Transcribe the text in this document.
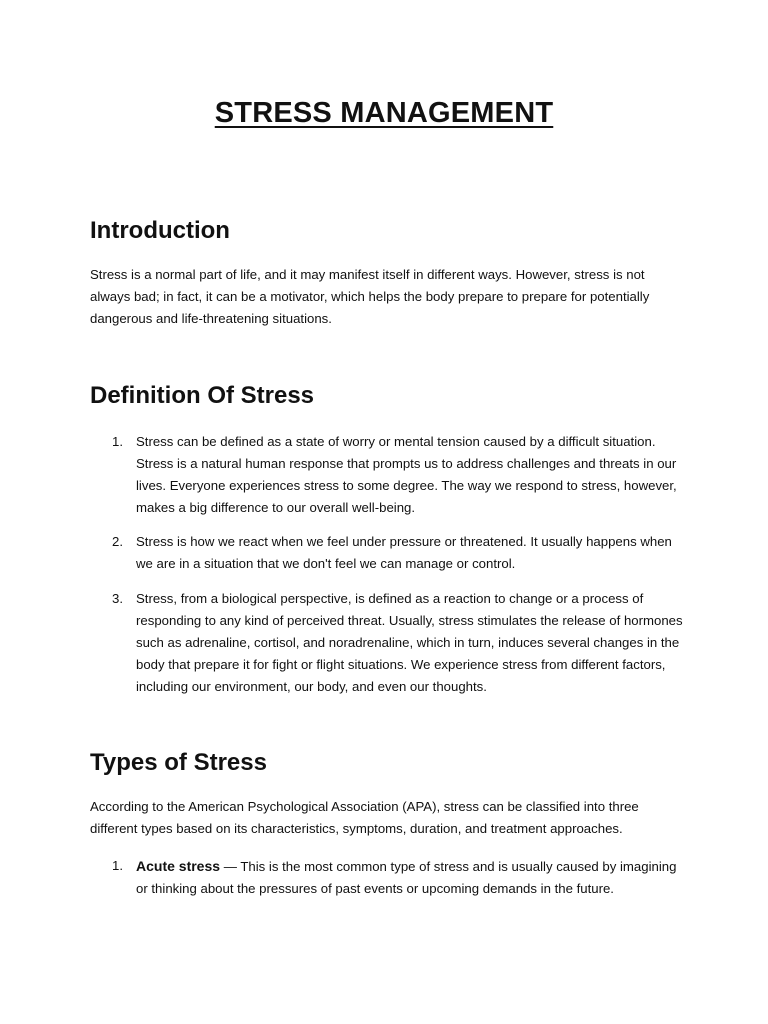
STRESS MANAGEMENT
Introduction

Stress is a normal part of life, and it may manifest itself in different ways. However, stress is not always bad; in fact, it can be a motivator, which helps the body prepare to prepare for potentially dangerous and life-threatening situations.

Definition Of Stress
1. Stress can be defined as a state of worry or mental tension caused by a difficult situation. Stress is a natural human response that prompts us to address challenges and threats in our lives. Everyone experiences stress to some degree. The way we respond to stress, however, makes a big difference to our overall well-being.
2. Stress is how we react when we feel under pressure or threatened. It usually happens when we are in a situation that we don't feel we can manage or control.
3. Stress, from a biological perspective, is defined as a reaction to change or a process of responding to any kind of perceived threat. Usually, stress stimulates the release of hormones such as adrenaline, cortisol, and noradrenaline, which in turn, induces several changes in the body that prepare it for fight or flight situations. We experience stress from different factors, including our environment, our body, and even our thoughts.
Types of Stress

According to the American Psychological Association (APA), stress can be classified into three different types based on its characteristics, symptoms, duration, and treatment approaches.

1. Acute stress — This is the most common type of stress and is usually caused by imagining or thinking about the pressures of past events or upcoming demands in the future.
